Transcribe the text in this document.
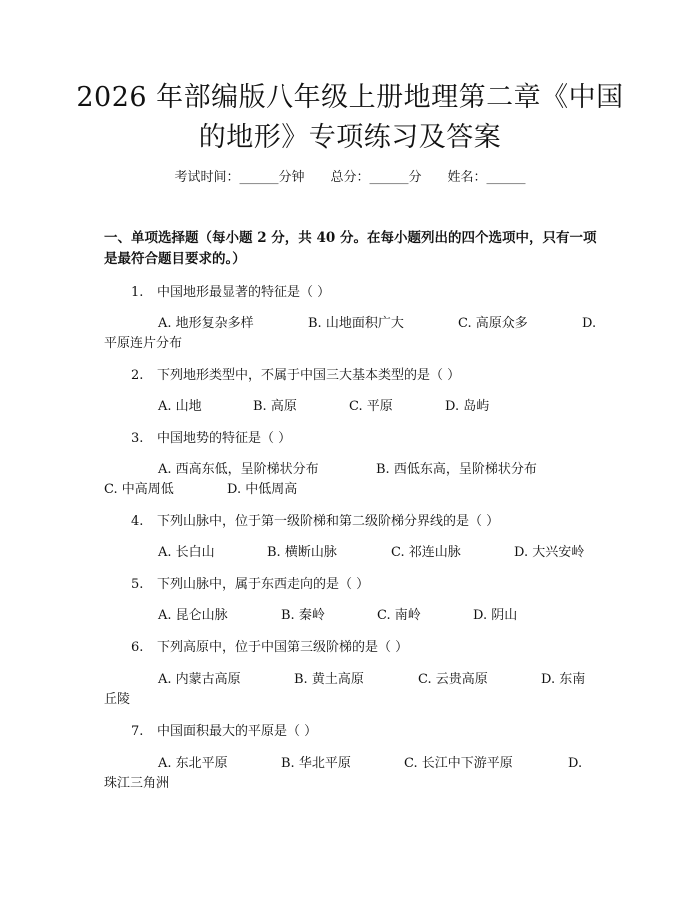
2026 年部编版八年级上册地理第二章《中国
的地形》专项练习及答案
考试时间：______分钟 总分：______分 姓名：______
一、单项选择题（每小题 2 分，共 40 分。在每小题列出的四个选项中，只有一项
是最符合题目要求的。）
1. 中国地形最显著的特征是（ ）
A. 地形复杂多样	B. 山地面积广大	C. 高原众多	D.
平原连片分布
2. 下列地形类型中，不属于中国三大基本类型的是（ ）
A. 山地	B. 高原	C. 平原	D. 岛屿
3. 中国地势的特征是（ ）
A. 西高东低，呈阶梯状分布	B. 西低东高，呈阶梯状分布
C. 中高周低	D. 中低周高
4. 下列山脉中，位于第一级阶梯和第二级阶梯分界线的是（ ）
A. 长白山	B. 横断山脉	C. 祁连山脉	D. 大兴安岭
5. 下列山脉中，属于东西走向的是（ ）
A. 昆仑山脉	B. 秦岭	C. 南岭	D. 阴山
6. 下列高原中，位于中国第三级阶梯的是（ ）
A. 内蒙古高原	B. 黄土高原	C. 云贵高原	D. 东南
丘陵
7. 中国面积最大的平原是（ ）
A. 东北平原	B. 华北平原	C. 长江中下游平原	D.
珠江三角洲
